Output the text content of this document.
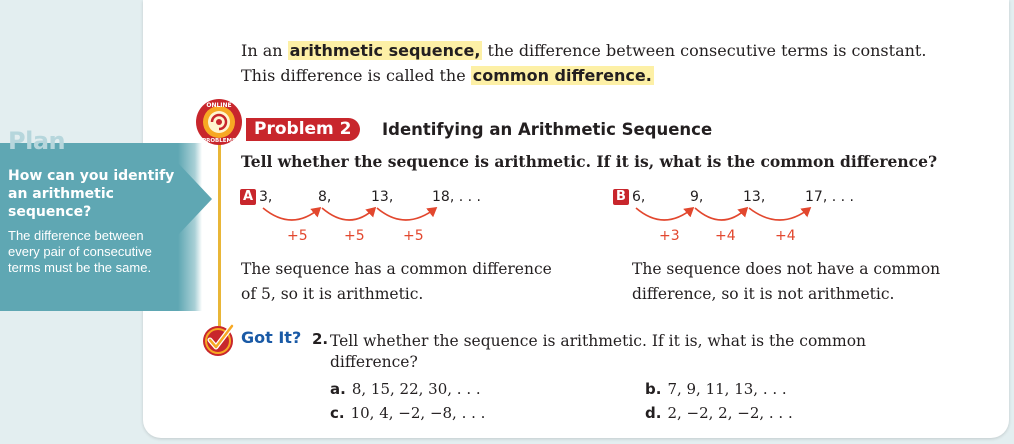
Plan
How can you identify an arithmetic sequence?
The difference between every pair of consecutive terms must be the same.
In an arithmetic sequence, the difference between consecutive terms is constant. This difference is called the common difference.
ONLINE
PROBLEMS
Problem 2	Identifying an Arithmetic Sequence
Tell whether the sequence is arithmetic. If it is, what is the common difference?
A 3,	8,	13,	18, . . .
+5	+5	+5
B 6,	9,	13,	17, . . .
+3	+4	+4
The sequence has a common difference of 5, so it is arithmetic.
The sequence does not have a common difference, so it is not arithmetic.
Got It? 2. Tell whether the sequence is arithmetic. If it is, what is the common
difference?
a. 8, 15, 22, 30, . . .	b. 7, 9, 11, 13, . . .
c. 10, 4, −2, −8, . . .	d. 2, −2, 2, −2, . . .
